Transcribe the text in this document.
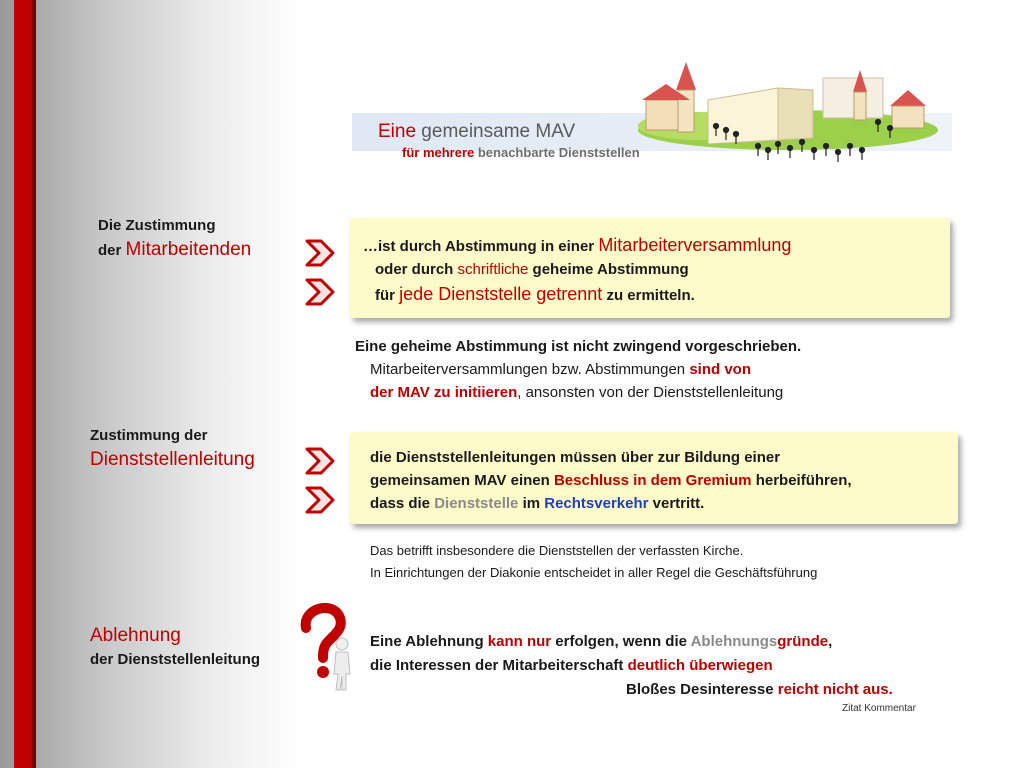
Eine gemeinsame MAV
für mehrere benachbarte Dienststellen
Die Zustimmung
der Mitarbeitenden	…ist durch Abstimmung in einer Mitarbeiterversammlung
oder durch schriftliche geheime Abstimmung
für jede Dienststelle getrennt zu ermitteln.
Eine geheime Abstimmung ist nicht zwingend vorgeschrieben.
Mitarbeiterversammlungen bzw. Abstimmungen sind von
der MAV zu initiieren, ansonsten von der Dienststellenleitung
Zustimmung der
Dienststellenleitung	die Dienststellenleitungen müssen über zur Bildung einer
gemeinsamen MAV einen Beschluss in dem Gremium herbeiführen,
dass die Dienststelle im Rechtsverkehr vertritt.
Das betrifft insbesondere die Dienststellen der verfassten Kirche.
In Einrichtungen der Diakonie entscheidet in aller Regel die Geschäftsführung
Ablehnung
der Dienststellenleitung
Eine Ablehnung kann nur erfolgen, wenn die Ablehnungsgründe,
die Interessen der Mitarbeiterschaft deutlich überwiegen
Bloßes Desinteresse reicht nicht aus.
Zitat Kommentar
